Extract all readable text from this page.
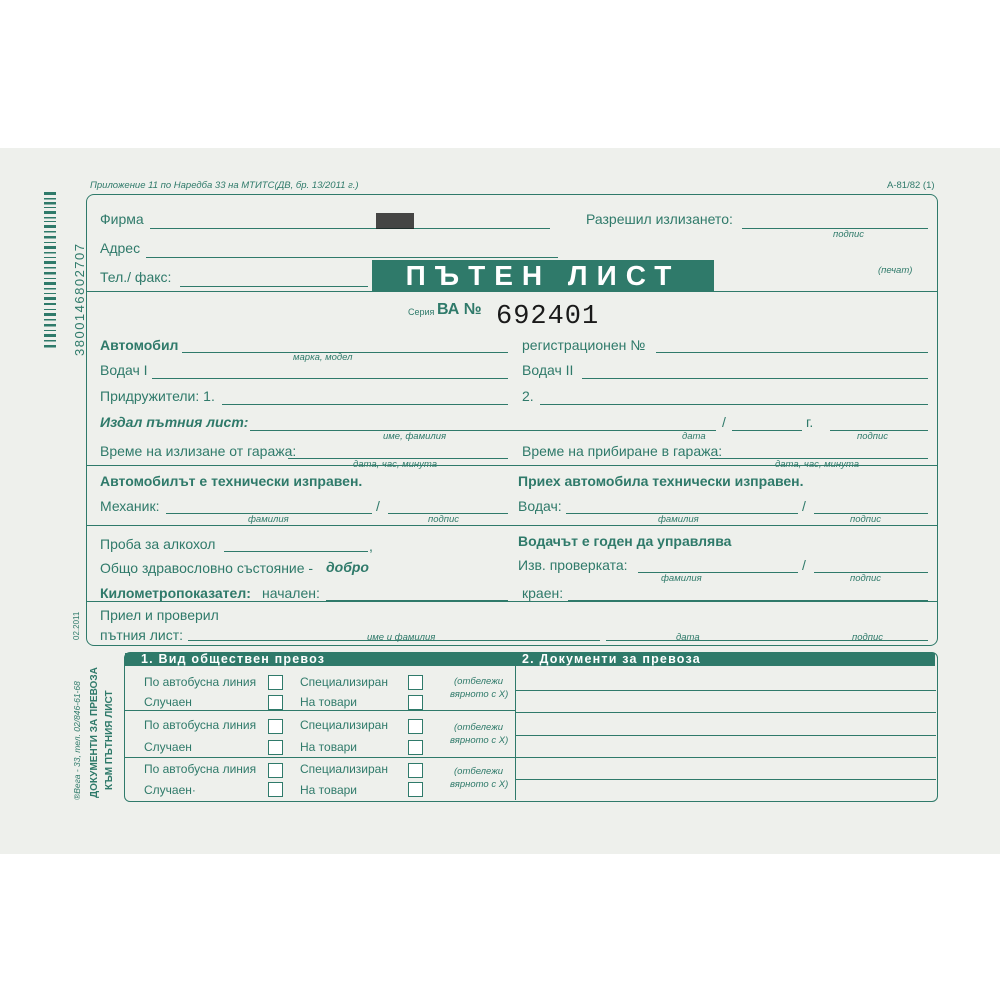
Приложение 11 по Наредба 33 на МТИТС(ДВ, бр. 13/2011 г.)	А-81/82 (1)
3800146802707
Фирма
Адрес
Тел./ факс:
Разрешил излизането:
подпис
(печат)
ПЪТЕН ЛИСТ
Серия ВА № 692401
Автомобил
марка, модел
регистрационен №
Водач I	Водач II
Придружители: 1.	2.
Издал пътния лист:
име, фамилия
/
дата
г.
подпис
Време на излизане от гаража:
дата, час, минута
Време на прибиране в гаража:
дата, час, минута
Автомобилът е технически изправен.	Приех автомобила технически изправен.
Механик:
фамилия
/
подпис
Водач:
фамилия
/
подпис
Проба за алкохол	,
Общо здравословно състояние - добро
Водачът е годен да управлява
Изв. проверката:
фамилия
/
подпис
Километропоказател: начален:	краен:
Приел и проверил
пътния лист:	име и фамилия	дата	подпис
ДОКУМЕНТИ ЗА ПРЕВОЗА КЪМ ПЪТНИЯ ЛИСТ
®Вега - 33, тел. 02/846-61-68
02.2011
1. Вид обществен превоз	2. Документи за превоза
По автобусна линия	Специализиран
Случаен	На товари
(отбележи
вярното с X)
По автобусна линия	Специализиран
Случаен	На товари
(отбележи
вярното с X)
По автобусна линия	Специализиран
Случаен·	На товари
(отбележи
вярното с X)
